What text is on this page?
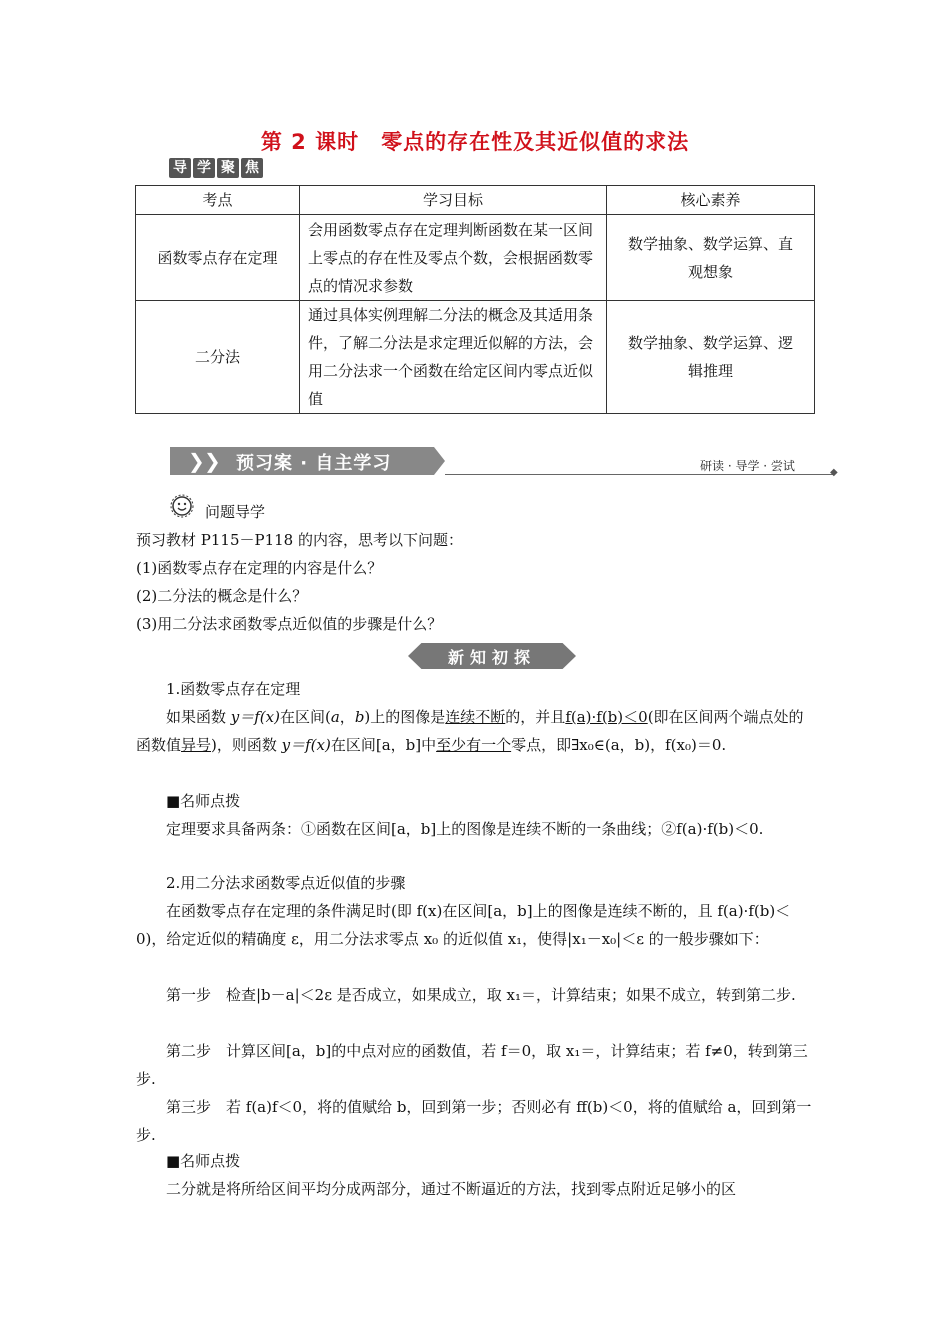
第 2 课时　零点的存在性及其近似值的求法
导 学 聚 焦
考点	学习目标	核心素养
函数零点存在定理	会用函数零点存在定理判断函数在某一区间上零点的存在性及零点个数，会根据函数零点的情况求参数	数学抽象、数学运算、直观想象
二分法	通过具体实例理解二分法的概念及其适用条件，了解二分法是求定理近似解的方法，会用二分法求一个函数在给定区间内零点近似值	数学抽象、数学运算、逻辑推理
❯ ❯ 预习案 · 自主学习	研读 · 导学 · 尝试	◆
问题导学
预习教材 P115－P118 的内容，思考以下问题：
(1)函数零点存在定理的内容是什么？
(2)二分法的概念是什么？
(3)用二分法求函数零点近似值的步骤是什么？
新知初探
1.函数零点存在定理
如果函数 y＝f(x)在区间(a，b)上的图像是连续不断的，并且f(a)·f(b)＜0(即在区间两个端点处的函数值异号)，则函数 y＝f(x)在区间[a，b]中至少有一个零点，即∃x₀∈(a，b)，f(x₀)＝0.
■名师点拨
定理要求具备两条：①函数在区间[a，b]上的图像是连续不断的一条曲线；②f(a)·f(b)＜0.
2.用二分法求函数零点近似值的步骤
在函数零点存在定理的条件满足时(即 f(x)在区间[a，b]上的图像是连续不断的，且 f(a)·f(b)＜0)，给定近似的精确度 ε，用二分法求零点 x₀ 的近似值 x₁，使得|x₁－x₀|＜ε 的一般步骤如下：
第一步　检查|b－a|＜2ε 是否成立，如果成立，取 x₁＝，计算结束；如果不成立，转到第二步.
第二步　计算区间[a，b]的中点对应的函数值，若 f＝0，取 x₁＝，计算结束；若 f≠0，转到第三步.
第三步　若 f(a)f＜0，将的值赋给 b，回到第一步；否则必有 ff(b)＜0，将的值赋给 a，回到第一步.
■名师点拨
二分就是将所给区间平均分成两部分，通过不断逼近的方法，找到零点附近足够小的区
